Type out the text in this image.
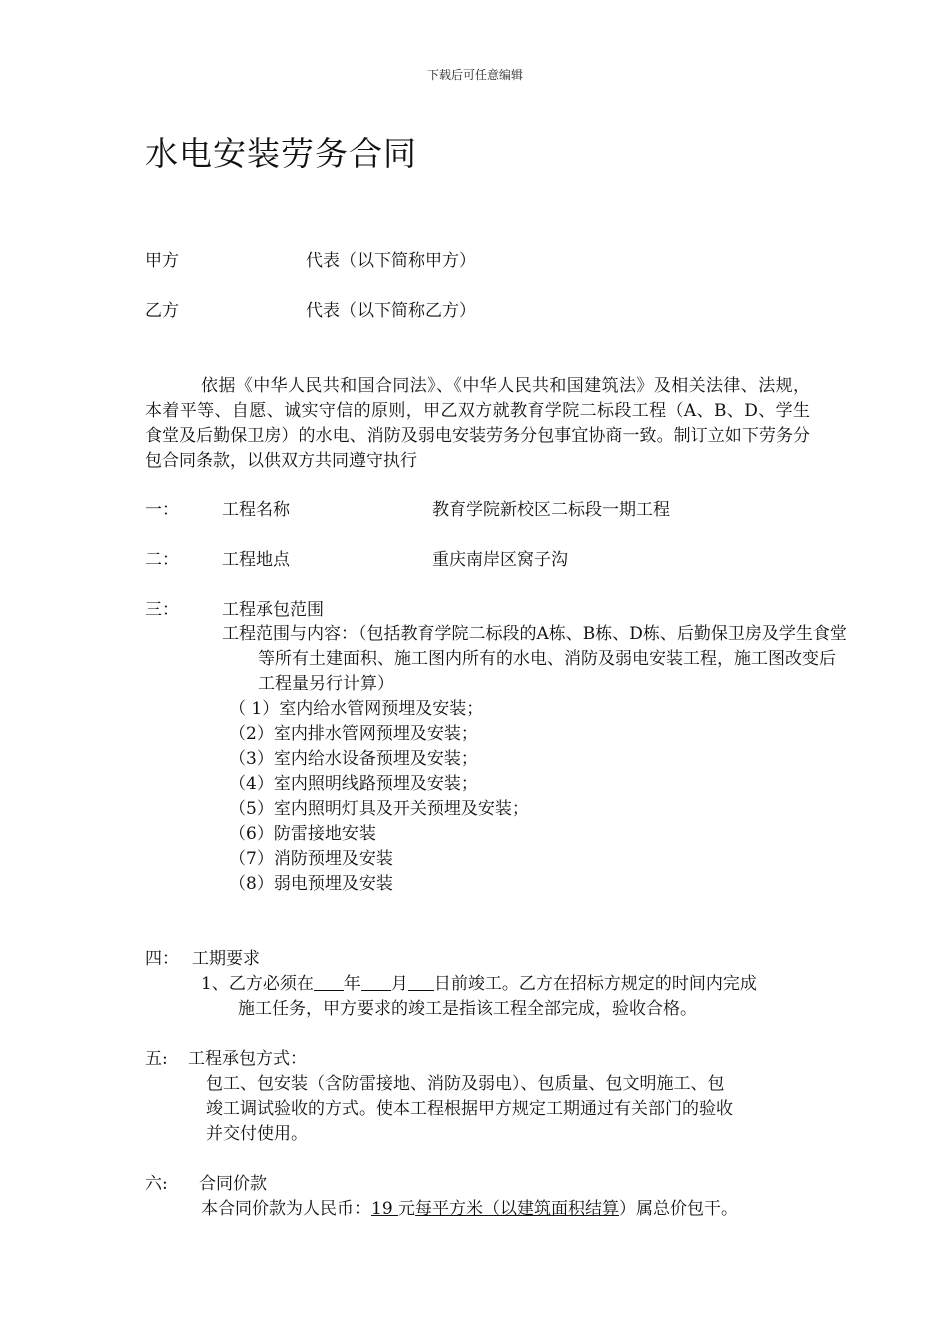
下载后可任意编辑
水电安装劳务合同
甲方	代表（以下简称甲方）
乙方	代表（以下简称乙方）
依据《中华人民共和国合同法》、《中华人民共和国建筑法》及相关法律、法规，本着平等、自愿、诚实守信的原则，甲乙双方就教育学院二标段工程（A、B、D、学生食堂及后勤保卫房）的水电、消防及弱电安装劳务分包事宜协商一致。制订立如下劳务分包合同条款，以供双方共同遵守执行
一：	工程名称	教育学院新校区二标段一期工程
二：	工程地点	重庆南岸区窝子沟
三：	工程承包范围
工程范围与内容：（包括教育学院二标段的A栋、B栋、D栋、后勤保卫房及学生食堂等所有土建面积、施工图内所有的水电、消防及弱电安装工程，施工图改变后工程量另行计算）
（ 1）室内给水管网预埋及安装；
（2）室内排水管网预埋及安装；
（3）室内给水设备预埋及安装；
（4）室内照明线路预埋及安装；
（5）室内照明灯具及开关预埋及安装；
（6）防雷接地安装
（7）消防预埋及安装
（8）弱电预埋及安装
四： 工期要求
1、乙方必须在 年 月 日前竣工。乙方在招标方规定的时间内完成
施工任务，甲方要求的竣工是指该工程全部完成，验收合格。
五: 工程承包方式：
包工、包安装（含防雷接地、消防及弱电）、包质量、包文明施工、包
竣工调试验收的方式。使本工程根据甲方规定工期通过有关部门的验收
并交付使用。
六: 合同价款
本合同价款为人民币：19 元每平方米（以建筑面积结算）属总价包干。
